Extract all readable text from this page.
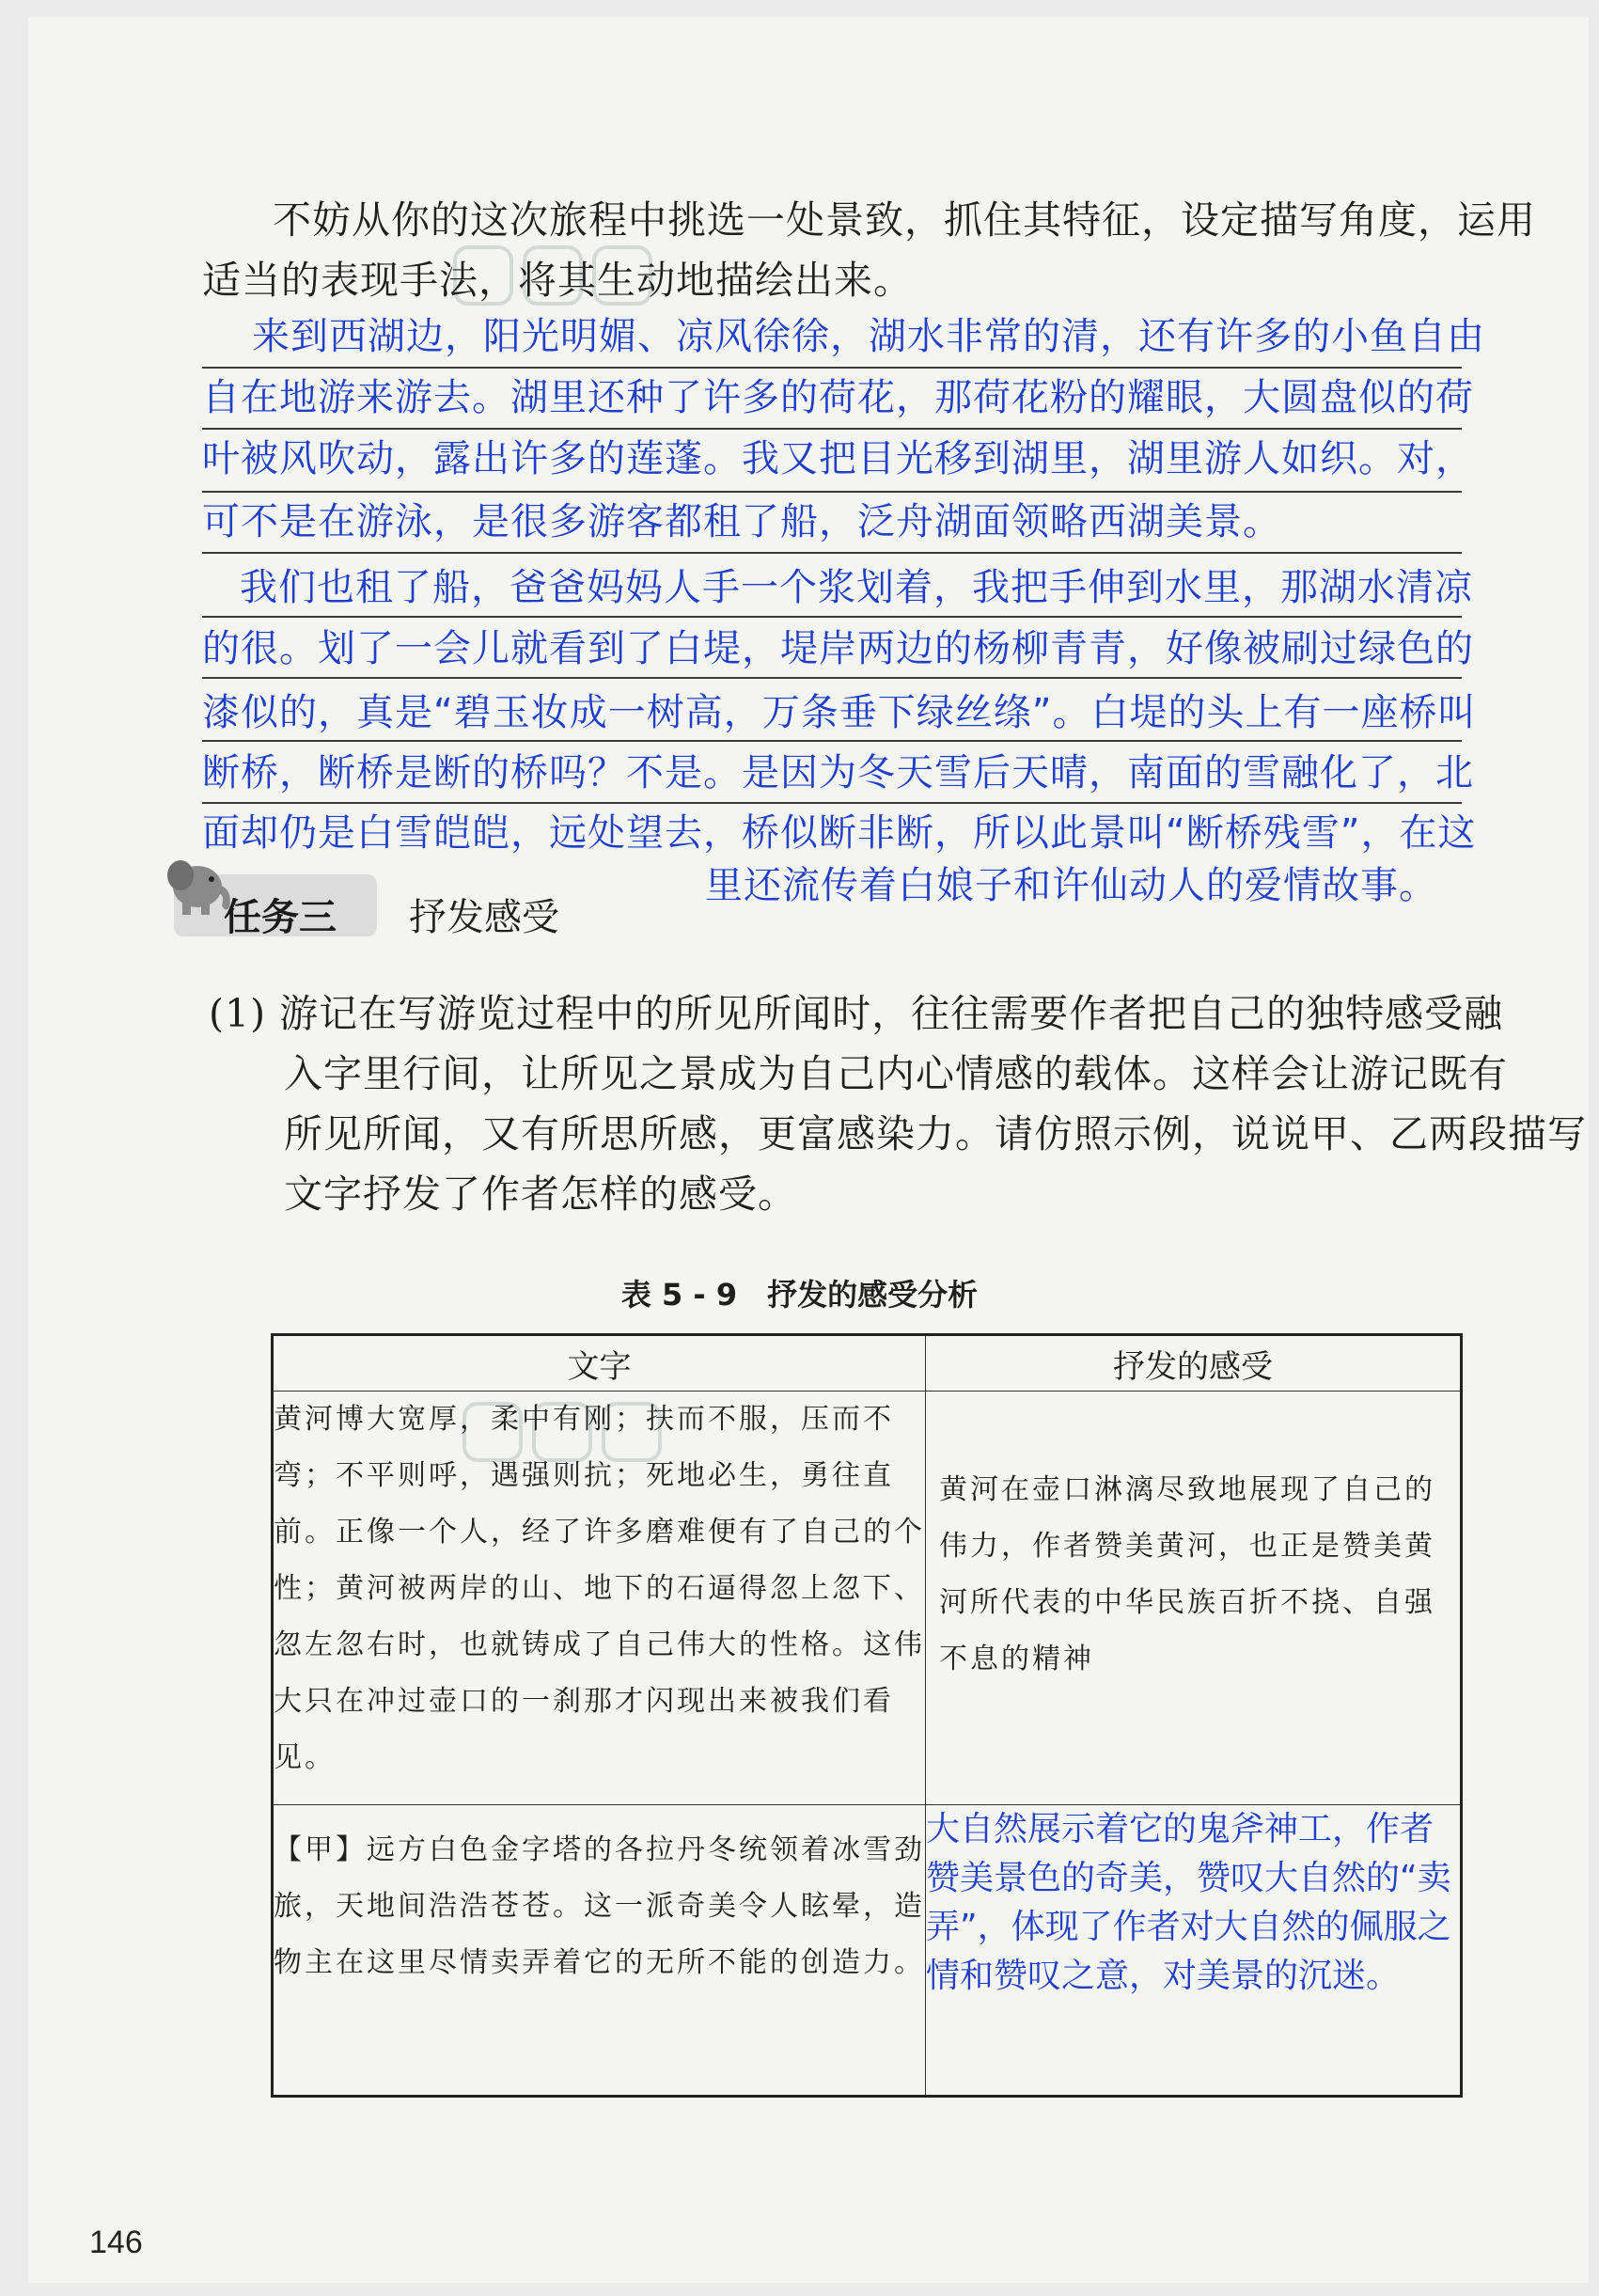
不妨从你的这次旅程中挑选一处景致，抓住其特征，设定描写角度，运用
适当的表现手法，将其生动地描绘出来。
来到西湖边，阳光明媚、凉风徐徐，湖水非常的清，还有许多的小鱼自由
自在地游来游去。湖里还种了许多的荷花，那荷花粉的耀眼，大圆盘似的荷
叶被风吹动，露出许多的莲蓬。我又把目光移到湖里，湖里游人如织。对，
可不是在游泳，是很多游客都租了船，泛舟湖面领略西湖美景。
我们也租了船，爸爸妈妈人手一个浆划着，我把手伸到水里，那湖水清凉
的很。划了一会儿就看到了白堤，堤岸两边的杨柳青青，好像被刷过绿色的
漆似的，真是“碧玉妆成一树高，万条垂下绿丝绦”。白堤的头上有一座桥叫
断桥，断桥是断的桥吗？不是。是因为冬天雪后天晴，南面的雪融化了，北
面却仍是白雪皑皑，远处望去，桥似断非断，所以此景叫“断桥残雪”，在这
里还流传着白娘子和许仙动人的爱情故事。
任务三 抒发感受
(1) 游记在写游览过程中的所见所闻时，往往需要作者把自己的独特感受融
入字里行间，让所见之景成为自己内心情感的载体。这样会让游记既有
所见所闻，又有所思所感，更富感染力。请仿照示例，说说甲、乙两段描写
文字抒发了作者怎样的感受。
表 5 - 9　抒发的感受分析
文字	抒发的感受
黄河博大宽厚，柔中有刚；扶而不服，压而不弯；不平则呼，遇强则抗；死地必生，勇往直前。正像一个人，经了许多磨难便有了自己的个性；黄河被两岸的山、地下的石逼得忽上忽下、忽左忽右时，也就铸成了自己伟大的性格。这伟大只在冲过壶口的一刹那才闪现出来被我们看见。	黄河在壶口淋漓尽致地展现了自己的伟力，作者赞美黄河，也正是赞美黄河所代表的中华民族百折不挠、自强不息的精神
【甲】远方白色金字塔的各拉丹冬统领着冰雪劲旅，天地间浩浩苍苍。这一派奇美令人眩晕，造物主在这里尽情卖弄着它的无所不能的创造力。	大自然展示着它的鬼斧神工，作者赞美景色的奇美，赞叹大自然的“卖弄”，体现了作者对大自然的佩服之情和赞叹之意，对美景的沉迷。
146
